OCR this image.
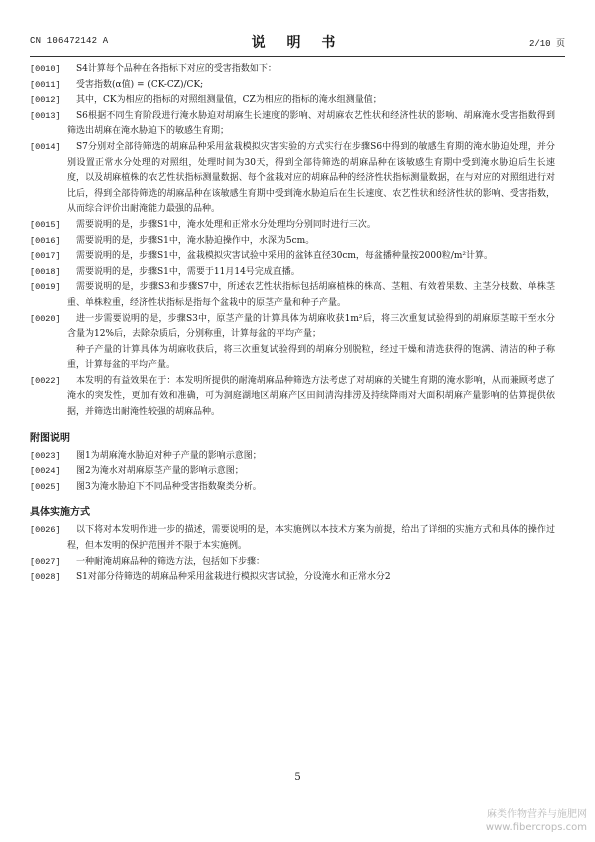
CN 106472142 A	说 明 书	2/10 页
[0010]	S4计算每个品种在各指标下对应的受害指数如下：
[0011]	受害指数(α值) = (CK-CZ)/CK;
[0012]	其中，CK为相应的指标的对照组测量值，CZ为相应的指标的淹水组测量值；
[0013]	S6根据不同生育阶段进行淹水胁迫对胡麻生长速度的影响、对胡麻农艺性状和经济性状的影响、胡麻淹水受害指数得到筛选出胡麻在淹水胁迫下的敏感生育期；
[0014]	S7分别对全部待筛选的胡麻品种采用盆栽模拟灾害实验的方式实行在步骤S6中得到的敏感生育期的淹水胁迫处理，并分别设置正常水分处理的对照组，处理时间为30天，得到全部待筛选的胡麻品种在该敏感生育期中受到淹水胁迫后生长速度，以及胡麻植株的农艺性状指标测量数据、每个盆栽对应的胡麻品种的经济性状指标测量数据，在与对应的对照组进行对比后，得到全部待筛选的胡麻品种在该敏感生育期中受到淹水胁迫后在生长速度、农艺性状和经济性状的影响、受害指数，从而综合评价出耐淹能力最强的品种。
[0015]	需要说明的是，步骤S1中，淹水处理和正常水分处理均分别同时进行三次。
[0016]	需要说明的是，步骤S1中，淹水胁迫操作中，水深为5cm。
[0017]	需要说明的是，步骤S1中，盆栽模拟灾害试验中采用的盆钵直径30cm，每盆播种量按2000粒/m²计算。
[0018]	需要说明的是，步骤S1中，需要于11月14号完成直播。
[0019]	需要说明的是，步骤S3和步骤S7中，所述农艺性状指标包括胡麻植株的株高、茎粗、有效着果数、主茎分枝数、单株茎重、单株粒重，经济性状指标是指每个盆栽中的原茎产量和种子产量。
[0020]	进一步需要说明的是，步骤S3中，原茎产量的计算具体为胡麻收获1m²后，将三次重复试验得到的胡麻原茎晾干至水分含量为12%后，去除杂质后，分别称重，计算每盆的平均产量；
种子产量的计算具体为胡麻收获后，将三次重复试验得到的胡麻分别脱粒，经过干燥和清选获得的饱满、清洁的种子称重，计算每盆的平均产量。
[0022]	本发明的有益效果在于：本发明所提供的耐淹胡麻品种筛选方法考虑了对胡麻的关键生育期的淹水影响，从而兼顾考虑了淹水的突发性，更加有效和准确，可为洞庭湖地区胡麻产区田间清沟排涝及持续降雨对大面积胡麻产量影响的估算提供依据，并筛选出耐淹性较强的胡麻品种。
附图说明
[0023]	图1为胡麻淹水胁迫对种子产量的影响示意图；
[0024]	图2为淹水对胡麻原茎产量的影响示意图；
[0025]	图3为淹水胁迫下不同品种受害指数聚类分析。
具体实施方式
[0026]	以下将对本发明作进一步的描述，需要说明的是，本实施例以本技术方案为前提，给出了详细的实施方式和具体的操作过程，但本发明的保护范围并不限于本实施例。
[0027]	一种耐淹胡麻品种的筛选方法，包括如下步骤：
[0028]	S1对部分待筛选的胡麻品种采用盆栽进行模拟灾害试验，分设淹水和正常水分2
5
麻类作物营养与施肥网
www.fibercrops.com
